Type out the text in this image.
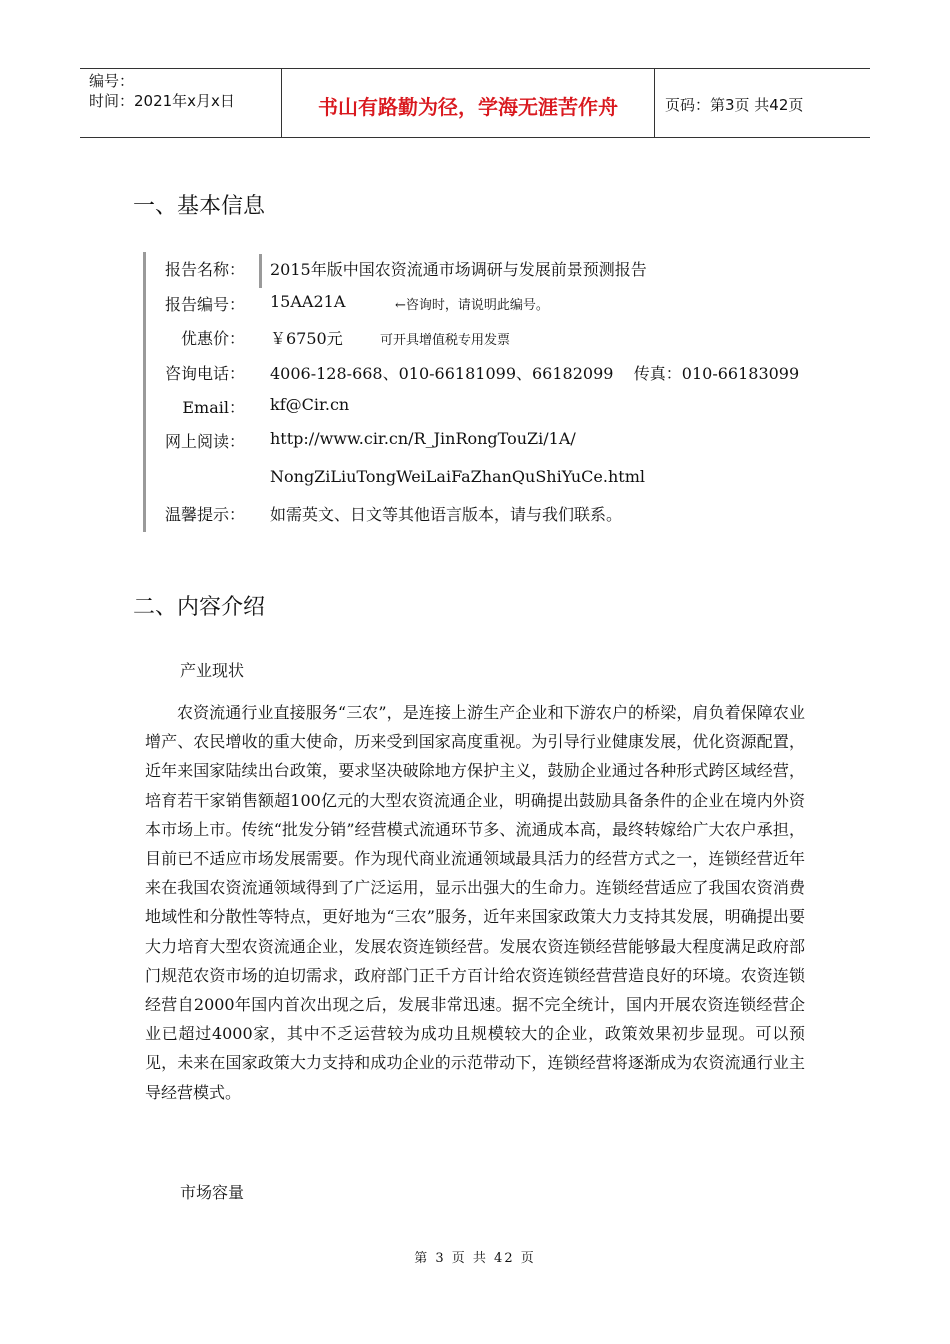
编号：
时间：2021年x月x日	书山有路勤为径，学海无涯苦作舟	页码：第3页 共42页
一、基本信息
报告名称： 2015年版中国农资流通市场调研与发展前景预测报告
报告编号： 15AA21A	←咨询时，请说明此编号。
优惠价： ￥6750元	可开具增值税专用发票
咨询电话： 4006-128-668、010-66181099、66182099    传真：010-66183099
Email： kf@Cir.cn
网上阅读： http://www.cir.cn/R_JinRongTouZi/1A/
NongZiLiuTongWeiLaiFaZhanQuShiYuCe.html
温馨提示： 如需英文、日文等其他语言版本，请与我们联系。
二、内容介绍
产业现状
农资流通行业直接服务“三农”，是连接上游生产企业和下游农户的桥梁，肩负着保障农业增产、农民增收的重大使命，历来受到国家高度重视。为引导行业健康发展，优化资源配置，近年来国家陆续出台政策，要求坚决破除地方保护主义，鼓励企业通过各种形式跨区域经营，培育若干家销售额超100亿元的大型农资流通企业，明确提出鼓励具备条件的企业在境内外资本市场上市。传统“批发分销”经营模式流通环节多、流通成本高，最终转嫁给广大农户承担，目前已不适应市场发展需要。作为现代商业流通领域最具活力的经营方式之一，连锁经营近年来在我国农资流通领域得到了广泛运用，显示出强大的生命力。连锁经营适应了我国农资消费地域性和分散性等特点，更好地为“三农”服务，近年来国家政策大力支持其发展，明确提出要大力培育大型农资流通企业，发展农资连锁经营。发展农资连锁经营能够最大程度满足政府部门规范农资市场的迫切需求，政府部门正千方百计给农资连锁经营营造良好的环境。农资连锁经营自2000年国内首次出现之后，发展非常迅速。据不完全统计，国内开展农资连锁经营企业已超过4000家，其中不乏运营较为成功且规模较大的企业，政策效果初步显现。可以预见，未来在国家政策大力支持和成功企业的示范带动下，连锁经营将逐渐成为农资流通行业主导经营模式。
市场容量
第 3 页 共 42 页
